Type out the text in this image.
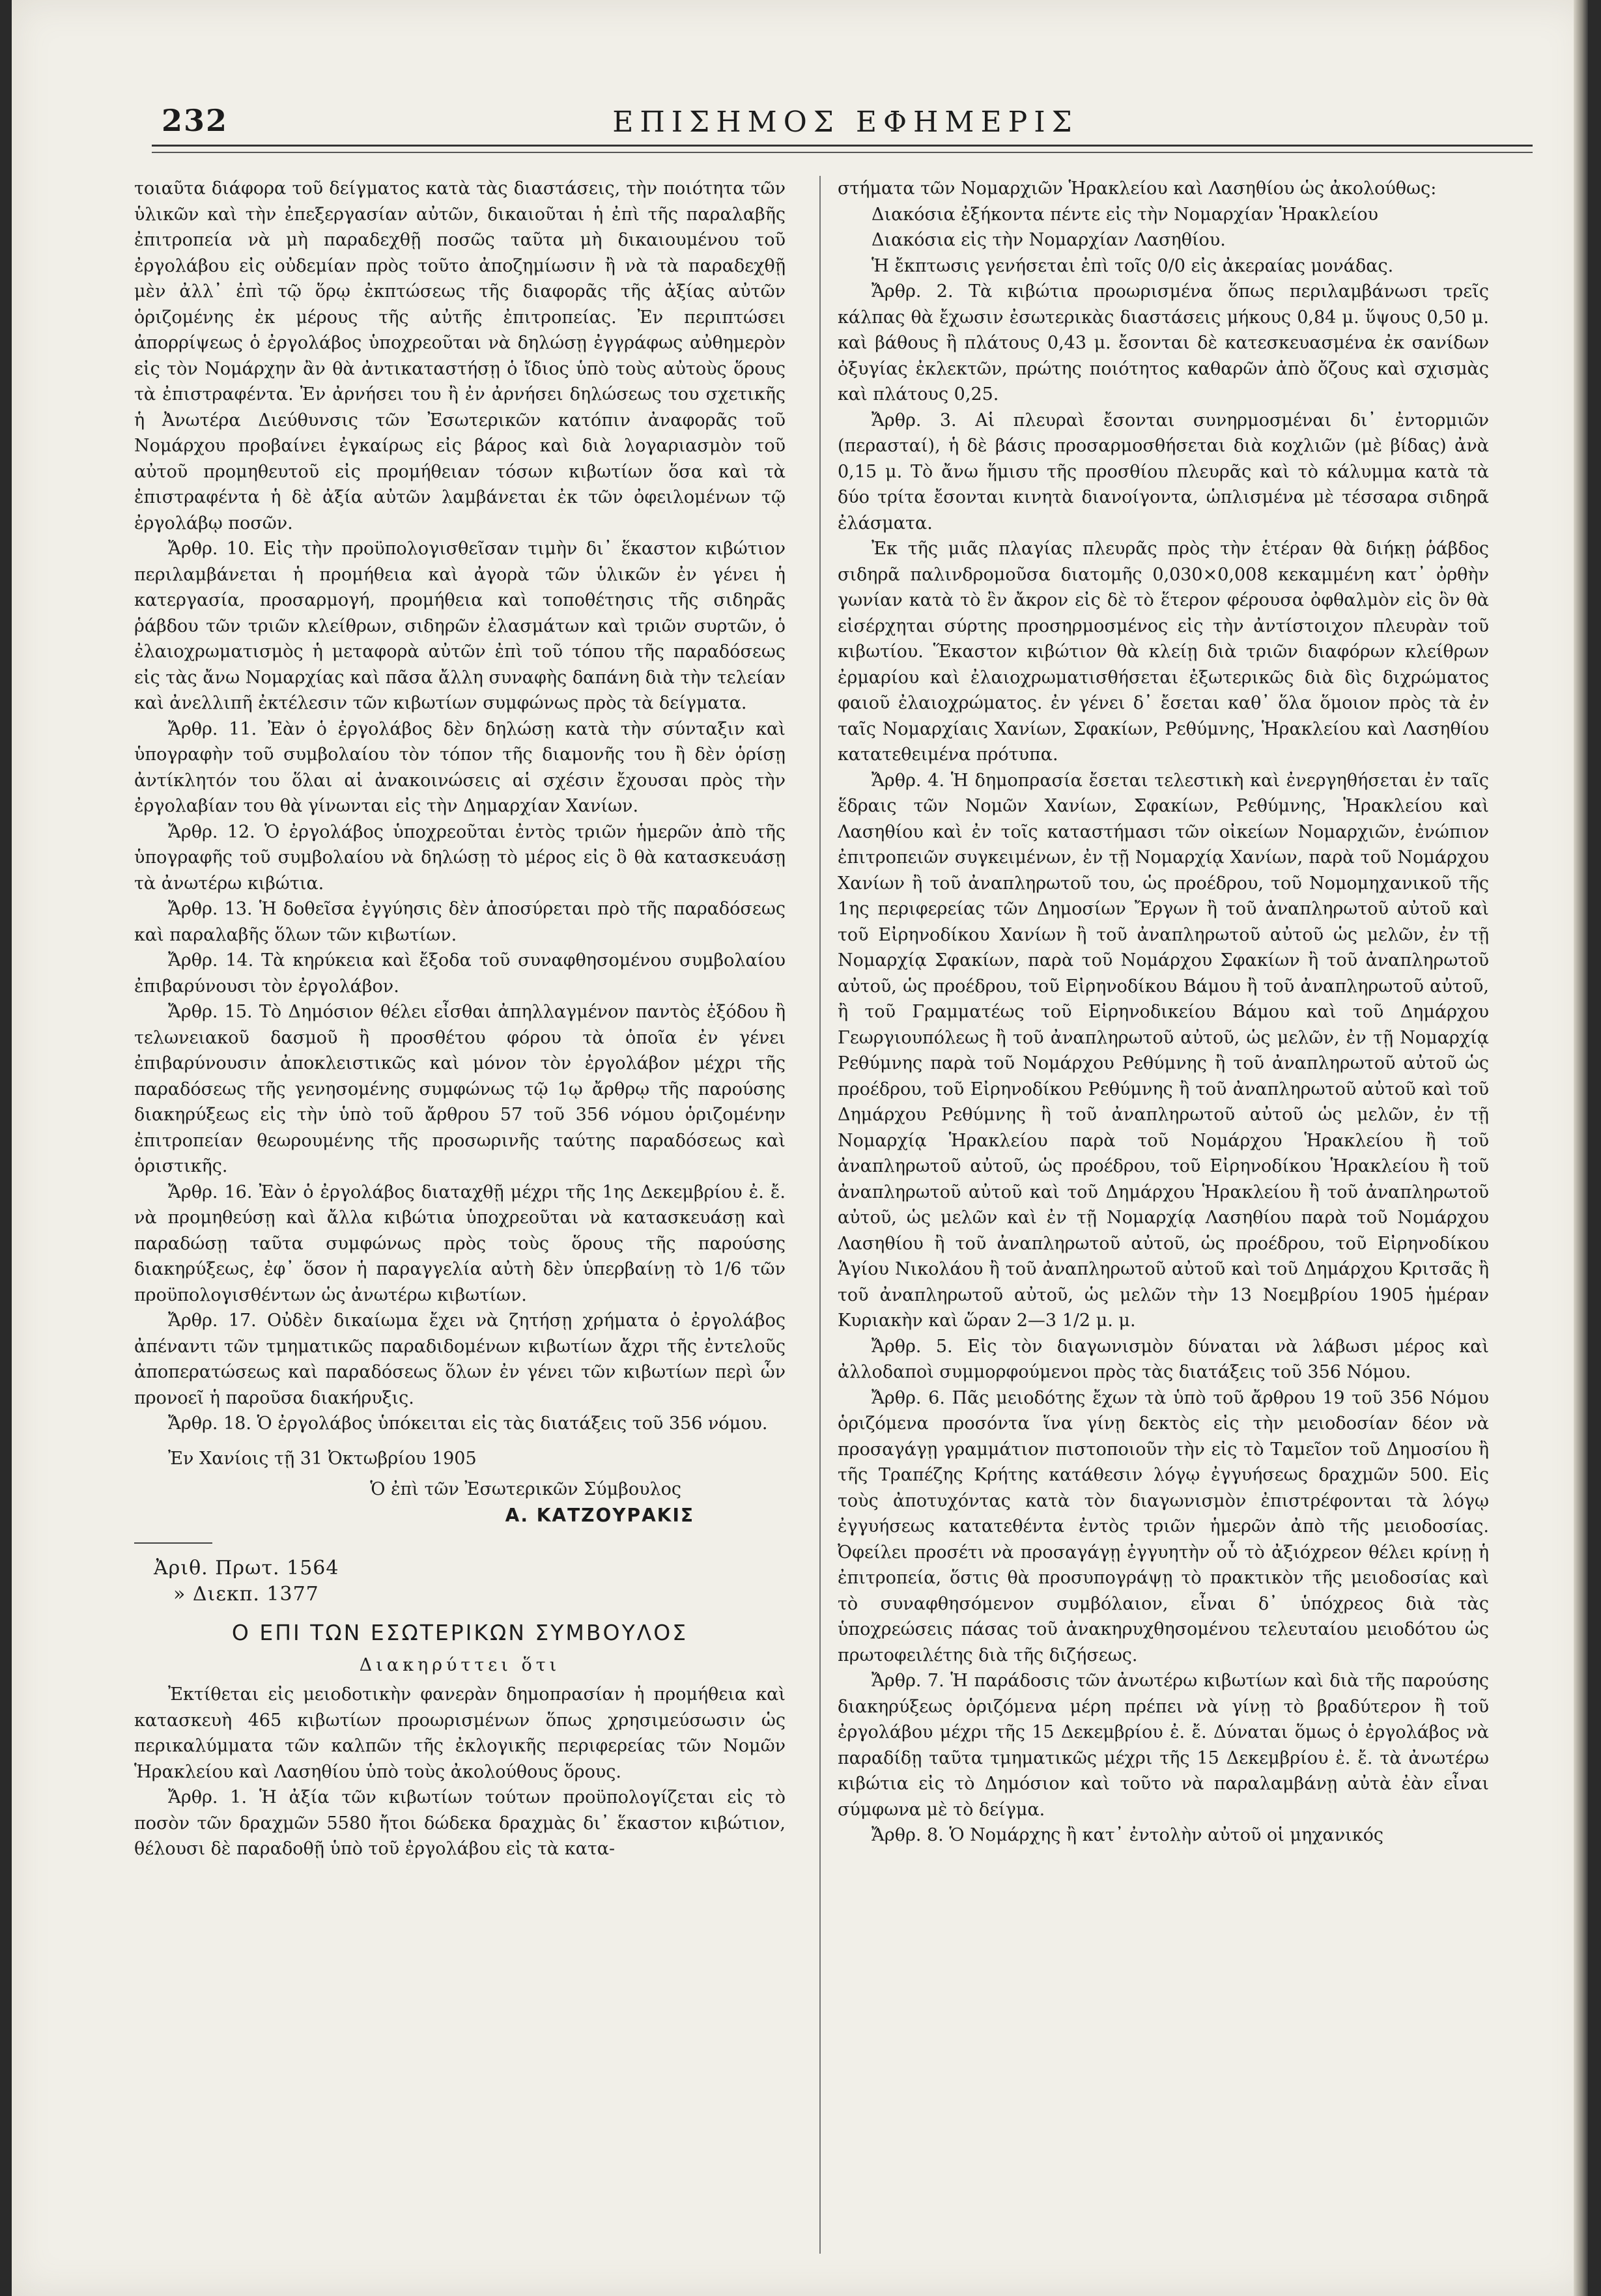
232	ΕΠΙΣΗΜΟΣ ΕΦΗΜΕΡΙΣ

τοιαῦτα διάφορα τοῦ δείγματος κατὰ τὰς διαστάσεις, τὴν ποιότητα τῶν ὑλικῶν καὶ τὴν ἐπεξεργασίαν αὐτῶν, δικαιοῦται ἡ ἐπὶ τῆς παραλαβῆς ἐπιτροπεία νὰ μὴ παραδεχθῇ ποσῶς ταῦτα μὴ δικαιουμένου τοῦ ἐργολάβου εἰς οὐδεμίαν πρὸς τοῦτο ἀποζημίωσιν ἢ νὰ τὰ παραδεχθῇ μὲν ἀλλ᾽ ἐπὶ τῷ ὅρῳ ἐκπτώσεως τῆς διαφορᾶς τῆς ἀξίας αὐτῶν ὁριζομένης ἐκ μέρους τῆς αὐτῆς ἐπιτροπείας. Ἐν περιπτώσει ἀπορρίψεως ὁ ἐργολάβος ὑποχρεοῦται νὰ δηλώσῃ ἐγγράφως αὐθημερὸν εἰς τὸν Νομάρχην ἂν θὰ ἀντικαταστήσῃ ὁ ἴδιος ὑπὸ τοὺς αὐτοὺς ὅρους τὰ ἐπιστραφέντα. Ἐν ἀρνήσει του ἢ ἐν ἀρνήσει δηλώσεως του σχετικῆς ἡ Ἀνωτέρα Διεύθυνσις τῶν Ἐσωτερικῶν κατόπιν ἀναφορᾶς τοῦ Νομάρχου προβαίνει ἐγκαίρως εἰς βάρος καὶ διὰ λογαριασμὸν τοῦ αὐτοῦ προμηθευτοῦ εἰς προμήθειαν τόσων κιβωτίων ὅσα καὶ τὰ ἐπιστραφέντα ἡ δὲ ἀξία αὐτῶν λαμβάνεται ἐκ τῶν ὀφειλομένων τῷ ἐργολάβῳ ποσῶν.

Ἄρθρ. 10. Εἰς τὴν προϋπολογισθεῖσαν τιμὴν δι᾽ ἕκαστον κιβώτιον περιλαμβάνεται ἡ προμήθεια καὶ ἀγορὰ τῶν ὑλικῶν ἐν γένει ἡ κατεργασία, προσαρμογή, προμήθεια καὶ τοποθέτησις τῆς σιδηρᾶς ῥάβδου τῶν τριῶν κλείθρων, σιδηρῶν ἐλασμάτων καὶ τριῶν συρτῶν, ὁ ἐλαιοχρωματισμὸς ἡ μεταφορὰ αὐτῶν ἐπὶ τοῦ τόπου τῆς παραδόσεως εἰς τὰς ἄνω Νομαρχίας καὶ πᾶσα ἄλλη συναφὴς δαπάνη διὰ τὴν τελείαν καὶ ἀνελλιπῆ ἐκτέλεσιν τῶν κιβωτίων συμφώνως πρὸς τὰ δείγματα.

Ἄρθρ. 11. Ἐὰν ὁ ἐργολάβος δὲν δηλώσῃ κατὰ τὴν σύνταξιν καὶ ὑπογραφὴν τοῦ συμβολαίου τὸν τόπον τῆς διαμονῆς του ἢ δὲν ὁρίσῃ ἀντίκλητόν του ὅλαι αἱ ἀνακοινώσεις αἱ σχέσιν ἔχουσαι πρὸς τὴν ἐργολαβίαν του θὰ γίνωνται εἰς τὴν Δημαρχίαν Χανίων.

Ἄρθρ. 12. Ὁ ἐργολάβος ὑποχρεοῦται ἐντὸς τριῶν ἡμερῶν ἀπὸ τῆς ὑπογραφῆς τοῦ συμβολαίου νὰ δηλώσῃ τὸ μέρος εἰς ὃ θὰ κατασκευάσῃ τὰ ἀνωτέρω κιβώτια.

Ἄρθρ. 13. Ἡ δοθεῖσα ἐγγύησις δὲν ἀποσύρεται πρὸ τῆς παραδόσεως καὶ παραλαβῆς ὅλων τῶν κιβωτίων.

Ἄρθρ. 14. Τὰ κηρύκεια καὶ ἔξοδα τοῦ συναφθησομένου συμβολαίου ἐπιβαρύνουσι τὸν ἐργολάβον.

Ἄρθρ. 15. Τὸ Δημόσιον θέλει εἶσθαι ἀπηλλαγμένον παντὸς ἐξόδου ἢ τελωνειακοῦ δασμοῦ ἢ προσθέτου φόρου τὰ ὁποῖα ἐν γένει ἐπιβαρύνουσιν ἀποκλειστικῶς καὶ μόνον τὸν ἐργολάβον μέχρι τῆς παραδόσεως τῆς γενησομένης συμφώνως τῷ 1ῳ ἄρθρῳ τῆς παρούσης διακηρύξεως εἰς τὴν ὑπὸ τοῦ ἄρθρου 57 τοῦ 356 νόμου ὁριζομένην ἐπιτροπείαν θεωρουμένης τῆς προσωρινῆς ταύτης παραδόσεως καὶ ὁριστικῆς.

Ἄρθρ. 16. Ἐὰν ὁ ἐργολάβος διαταχθῇ μέχρι τῆς 1ης Δεκεμβρίου ἐ. ἔ. νὰ προμηθεύσῃ καὶ ἄλλα κιβώτια ὑποχρεοῦται νὰ κατασκευάσῃ καὶ παραδώσῃ ταῦτα συμφώνως πρὸς τοὺς ὅρους τῆς παρούσης διακηρύξεως, ἐφ᾽ ὅσον ἡ παραγγελία αὐτὴ δὲν ὑπερβαίνῃ τὸ 1/6 τῶν προϋπολογισθέντων ὡς ἀνωτέρω κιβωτίων.

Ἄρθρ. 17. Οὐδὲν δικαίωμα ἔχει νὰ ζητήσῃ χρήματα ὁ ἐργολάβος ἀπέναντι τῶν τμηματικῶς παραδιδομένων κιβωτίων ἄχρι τῆς ἐντελοῦς ἀποπερατώσεως καὶ παραδόσεως ὅλων ἐν γένει τῶν κιβωτίων περὶ ὧν προνοεῖ ἡ παροῦσα διακήρυξις.

Ἄρθρ. 18. Ὁ ἐργολάβος ὑπόκειται εἰς τὰς διατάξεις τοῦ 356 νόμου.

Ἐν Χανίοις τῇ 31 Ὀκτωβρίου 1905

Ὁ ἐπὶ τῶν Ἐσωτερικῶν Σύμβουλος

Α. ΚΑΤΖΟΥΡΑΚΙΣ

Ἀριθ. Πρωτ. 1564

» Διεκπ. 1377

Ο ΕΠΙ ΤΩΝ ΕΣΩΤΕΡΙΚΩΝ ΣΥΜΒΟΥΛΟΣ

Διακηρύττει ὅτι

Ἐκτίθεται εἰς μειοδοτικὴν φανερὰν δημοπρασίαν ἡ προμήθεια καὶ κατασκευὴ 465 κιβωτίων προωρισμένων ὅπως χρησιμεύσωσιν ὡς περικαλύμματα τῶν καλπῶν τῆς ἐκλογικῆς περιφερείας τῶν Νομῶν Ἡρακλείου καὶ Λασηθίου ὑπὸ τοὺς ἀκολούθους ὅρους.

Ἄρθρ. 1. Ἡ ἀξία τῶν κιβωτίων τούτων προϋπολογίζεται εἰς τὸ ποσὸν τῶν δραχμῶν 5580 ἤτοι δώδεκα δραχμὰς δι᾽ ἕκαστον κιβώτιον, θέλουσι δὲ παραδοθῇ ὑπὸ τοῦ ἐργολάβου εἰς τὰ κατα-

στήματα τῶν Νομαρχιῶν Ἡρακλείου καὶ Λασηθίου ὡς ἀκολούθως:

Διακόσια ἐξήκοντα πέντε εἰς τὴν Νομαρχίαν Ἡρακλείου

Διακόσια εἰς τὴν Νομαρχίαν Λασηθίου.

Ἡ ἔκπτωσις γενήσεται ἐπὶ τοῖς 0/0 εἰς ἀκεραίας μονάδας.

Ἄρθρ. 2. Τὰ κιβώτια προωρισμένα ὅπως περιλαμβάνωσι τρεῖς κάλπας θὰ ἔχωσιν ἐσωτερικὰς διαστάσεις μήκους 0,84 μ. ὕψους 0,50 μ. καὶ βάθους ἢ πλάτους 0,43 μ. ἔσονται δὲ κατεσκευασμένα ἐκ σανίδων ὀξυγίας ἐκλεκτῶν, πρώτης ποιότητος καθαρῶν ἀπὸ ὄζους καὶ σχισμὰς καὶ πλάτους 0,25.

Ἄρθρ. 3. Αἱ πλευραὶ ἔσονται συνηρμοσμέναι δι᾽ ἐντορμιῶν (περασταί), ἡ δὲ βάσις προσαρμοσθήσεται διὰ κοχλιῶν (μὲ βίδας) ἀνὰ 0,15 μ. Τὸ ἄνω ἥμισυ τῆς προσθίου πλευρᾶς καὶ τὸ κάλυμμα κατὰ τὰ δύο τρίτα ἔσονται κινητὰ διανοίγοντα, ὡπλισμένα μὲ τέσσαρα σιδηρᾶ ἐλάσματα.

Ἐκ τῆς μιᾶς πλαγίας πλευρᾶς πρὸς τὴν ἑτέραν θὰ διήκῃ ῥάβδος σιδηρᾶ παλινδρομοῦσα διατομῆς 0,030×0,008 κεκαμμένη κατ᾽ ὀρθὴν γωνίαν κατὰ τὸ ἓν ἄκρον εἰς δὲ τὸ ἕτερον φέρουσα ὀφθαλμὸν εἰς ὃν θὰ εἰσέρχηται σύρτης προσηρμοσμένος εἰς τὴν ἀντίστοιχον πλευρὰν τοῦ κιβωτίου. Ἕκαστον κιβώτιον θὰ κλείῃ διὰ τριῶν διαφόρων κλείθρων ἐρμαρίου καὶ ἐλαιοχρωματισθήσεται ἐξωτερικῶς διὰ δὶς διχρώματος φαιοῦ ἐλαιοχρώματος. ἐν γένει δ᾽ ἔσεται καθ᾽ ὅλα ὅμοιον πρὸς τὰ ἐν ταῖς Νομαρχίαις Χανίων, Σφακίων, Ρεθύμνης, Ἡρακλείου καὶ Λασηθίου κατατεθειμένα πρότυπα.

Ἄρθρ. 4. Ἡ δημοπρασία ἔσεται τελεστικὴ καὶ ἐνεργηθήσεται ἐν ταῖς ἕδραις τῶν Νομῶν Χανίων, Σφακίων, Ρεθύμνης, Ἡρακλείου καὶ Λασηθίου καὶ ἐν τοῖς καταστήμασι τῶν οἰκείων Νομαρχιῶν, ἐνώπιον ἐπιτροπειῶν συγκειμένων, ἐν τῇ Νομαρχίᾳ Χανίων, παρὰ τοῦ Νομάρχου Χανίων ἢ τοῦ ἀναπληρωτοῦ του, ὡς προέδρου, τοῦ Νομομηχανικοῦ τῆς 1ης περιφερείας τῶν Δημοσίων Ἔργων ἢ τοῦ ἀναπληρωτοῦ αὐτοῦ καὶ τοῦ Εἰρηνοδίκου Χανίων ἢ τοῦ ἀναπληρωτοῦ αὐτοῦ ὡς μελῶν, ἐν τῇ Νομαρχίᾳ Σφακίων, παρὰ τοῦ Νομάρχου Σφακίων ἢ τοῦ ἀναπληρωτοῦ αὐτοῦ, ὡς προέδρου, τοῦ Εἰρηνοδίκου Βάμου ἢ τοῦ ἀναπληρωτοῦ αὐτοῦ, ἢ τοῦ Γραμματέως τοῦ Εἰρηνοδικείου Βάμου καὶ τοῦ Δημάρχου Γεωργιουπόλεως ἢ τοῦ ἀναπληρωτοῦ αὐτοῦ, ὡς μελῶν, ἐν τῇ Νομαρχίᾳ Ρεθύμνης παρὰ τοῦ Νομάρχου Ρεθύμνης ἢ τοῦ ἀναπληρωτοῦ αὐτοῦ ὡς προέδρου, τοῦ Εἰρηνοδίκου Ρεθύμνης ἢ τοῦ ἀναπληρωτοῦ αὐτοῦ καὶ τοῦ Δημάρχου Ρεθύμνης ἢ τοῦ ἀναπληρωτοῦ αὐτοῦ ὡς μελῶν, ἐν τῇ Νομαρχίᾳ Ἡρακλείου παρὰ τοῦ Νομάρχου Ἡρακλείου ἢ τοῦ ἀναπληρωτοῦ αὐτοῦ, ὡς προέδρου, τοῦ Εἰρηνοδίκου Ἡρακλείου ἢ τοῦ ἀναπληρωτοῦ αὐτοῦ καὶ τοῦ Δημάρχου Ἡρακλείου ἢ τοῦ ἀναπληρωτοῦ αὐτοῦ, ὡς μελῶν καὶ ἐν τῇ Νομαρχίᾳ Λασηθίου παρὰ τοῦ Νομάρχου Λασηθίου ἢ τοῦ ἀναπληρωτοῦ αὐτοῦ, ὡς προέδρου, τοῦ Εἰρηνοδίκου Ἁγίου Νικολάου ἢ τοῦ ἀναπληρωτοῦ αὐτοῦ καὶ τοῦ Δημάρχου Κριτσᾶς ἢ τοῦ ἀναπληρωτοῦ αὐτοῦ, ὡς μελῶν τὴν 13 Νοεμβρίου 1905 ἡμέραν Κυριακὴν καὶ ὥραν 2—3 1/2 μ. μ.

Ἄρθρ. 5. Εἰς τὸν διαγωνισμὸν δύναται νὰ λάβωσι μέρος καὶ ἀλλοδαποὶ συμμορφούμενοι πρὸς τὰς διατάξεις τοῦ 356 Νόμου.

Ἄρθρ. 6. Πᾶς μειοδότης ἔχων τὰ ὑπὸ τοῦ ἄρθρου 19 τοῦ 356 Νόμου ὁριζόμενα προσόντα ἵνα γίνῃ δεκτὸς εἰς τὴν μειοδοσίαν δέον νὰ προσαγάγῃ γραμμάτιον πιστοποιοῦν τὴν εἰς τὸ Ταμεῖον τοῦ Δημοσίου ἢ τῆς Τραπέζης Κρήτης κατάθεσιν λόγῳ ἐγγυήσεως δραχμῶν 500. Εἰς τοὺς ἀποτυχόντας κατὰ τὸν διαγωνισμὸν ἐπιστρέφονται τὰ λόγῳ ἐγγυήσεως κατατεθέντα ἐντὸς τριῶν ἡμερῶν ἀπὸ τῆς μειοδοσίας. Ὀφείλει προσέτι νὰ προσαγάγῃ ἐγγυητὴν οὗ τὸ ἀξιόχρεον θέλει κρίνῃ ἡ ἐπιτροπεία, ὅστις θὰ προσυπογράψῃ τὸ πρακτικὸν τῆς μειοδοσίας καὶ τὸ συναφθησόμενον συμβόλαιον, εἶναι δ᾽ ὑπόχρεος διὰ τὰς ὑποχρεώσεις πάσας τοῦ ἀνακηρυχθησομένου τελευταίου μειοδότου ὡς πρωτοφειλέτης διὰ τῆς διζήσεως.

Ἄρθρ. 7. Ἡ παράδοσις τῶν ἀνωτέρω κιβωτίων καὶ διὰ τῆς παρούσης διακηρύξεως ὁριζόμενα μέρη πρέπει νὰ γίνῃ τὸ βραδύτερον ἢ τοῦ ἐργολάβου μέχρι τῆς 15 Δεκεμβρίου ἐ. ἔ. Δύναται ὅμως ὁ ἐργολάβος νὰ παραδίδῃ ταῦτα τμηματικῶς μέχρι τῆς 15 Δεκεμβρίου ἐ. ἔ. τὰ ἀνωτέρω κιβώτια εἰς τὸ Δημόσιον καὶ τοῦτο νὰ παραλαμβάνῃ αὐτὰ ἐὰν εἶναι σύμφωνα μὲ τὸ δείγμα.

Ἄρθρ. 8. Ὁ Νομάρχης ἢ κατ᾽ ἐντολὴν αὐτοῦ οἱ μηχανικός
